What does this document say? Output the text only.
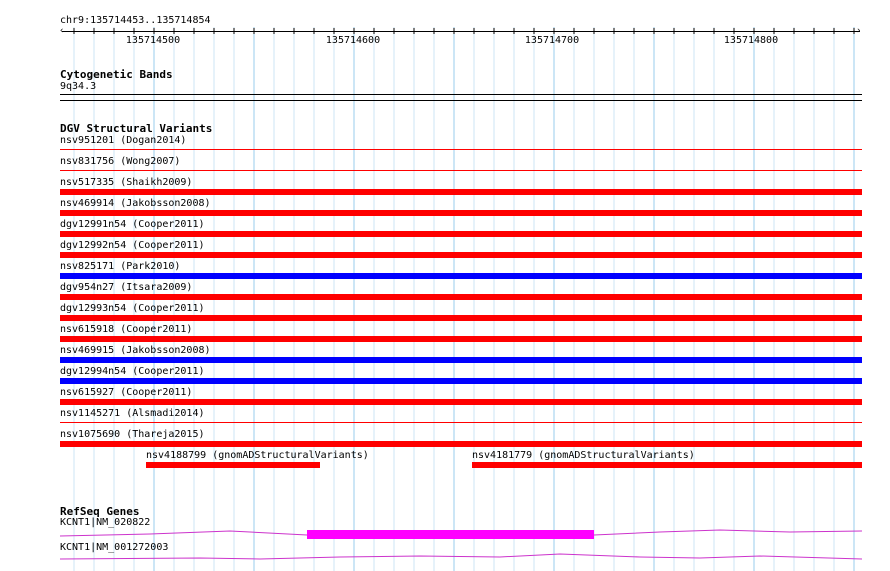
chr9:135714453..135714854
‹	›
135714500	135714600	135714700	135714800
Cytogenetic Bands
9q34.3
DGV Structural Variants
nsv951201 (Dogan2014)
nsv831756 (Wong2007)
nsv517335 (Shaikh2009)
nsv469914 (Jakobsson2008)
dgv12991n54 (Cooper2011)
dgv12992n54 (Cooper2011)
nsv825171 (Park2010)
dgv954n27 (Itsara2009)
dgv12993n54 (Cooper2011)
nsv615918 (Cooper2011)
nsv469915 (Jakobsson2008)
dgv12994n54 (Cooper2011)
nsv615927 (Cooper2011)
nsv1145271 (Alsmadi2014)
nsv1075690 (Thareja2015)
nsv4188799 (gnomADStructuralVariants)	nsv4181779 (gnomADStructuralVariants)
RefSeq Genes
KCNT1|NM_020822
KCNT1|NM_001272003
